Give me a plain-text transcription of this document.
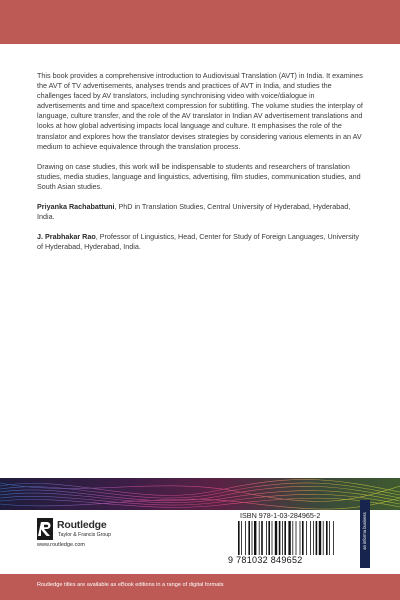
This book provides a comprehensive introduction to Audiovisual Translation (AVT) in India. It examines the AVT of TV advertisements, analyses trends and practices of AVT in India, and studies the challenges faced by AV translators, including synchronising video with voice/dialogue in advertisements and time and space/text compression for subtitling. The volume studies the interplay of language, culture transfer, and the role of the AV translator in Indian AV advertisement translations and looks at how global advertising impacts local language and culture. It emphasises the role of the translator and explores how the translator devises strategies by considering various elements in an AV medium to achieve equivalence through the translation process.

Drawing on case studies, this work will be indispensable to students and researchers of translation studies, media studies, language and linguistics, advertising, film studies, communication studies, and South Asian studies.

Priyanka Rachabattuni, PhD in Translation Studies, Central University of Hyderabad, Hyderabad, India.

J. Prabhakar Rao, Professor of Linguistics, Head, Center for Study of Foreign Languages, University of Hyderabad, Hyderabad, India.

Routledge
Taylor & Francis Group
www.routledge.com
ISBN 978-1-03-284965-2
9 781032 849652
an informa business
Routledge titles are available as eBook editions in a range of digital formats
